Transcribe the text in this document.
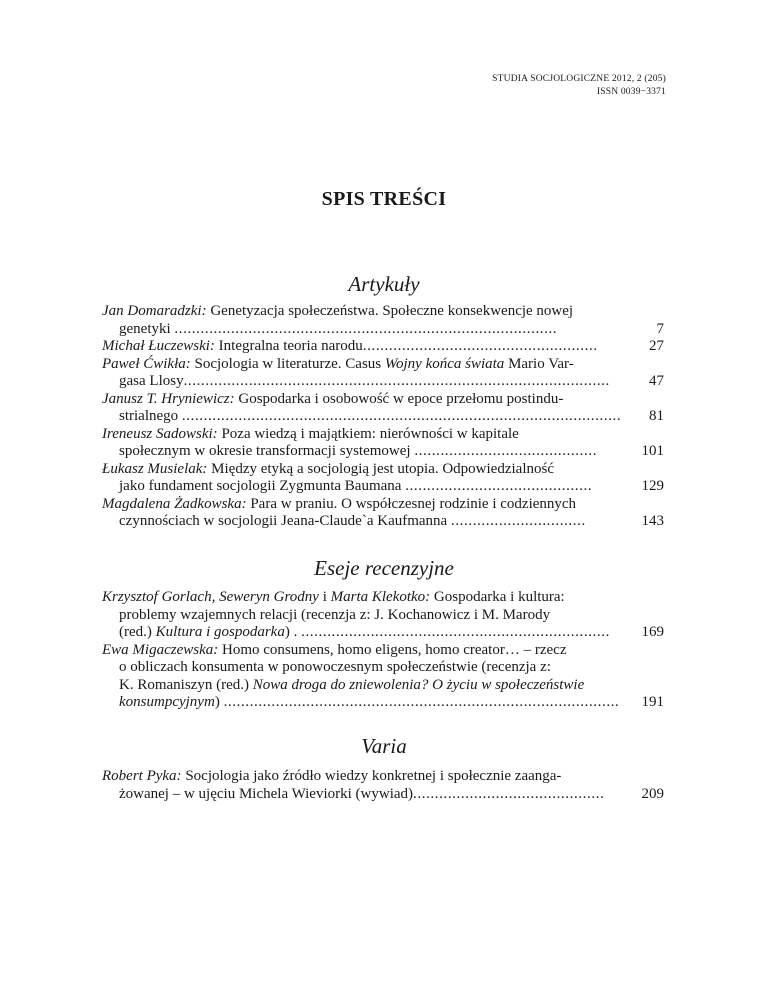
STUDIA SOCJOLOGICZNE 2012, 2 (205)
ISSN 0039−3371
SPIS TREŚCI
Artykuły
Jan Domaradzki: Genetyzacja społeczeństwa. Społeczne konsekwencje nowej
genetyki ........................................................................................	7
Michał Łuczewski: Integralna teoria narodu......................................................	27
Paweł Ćwikła: Socjologia w literaturze. Casus Wojny końca świata Mario Var-
gasa Llosy..................................................................................................	47
Janusz T. Hryniewicz: Gospodarka i osobowość w epoce przełomu postindu-
strialnego .....................................................................................................	81
Ireneusz Sadowski: Poza wiedzą i majątkiem: nierówności w kapitale
społecznym w okresie transformacji systemowej ..........................................	101
Łukasz Musielak: Między etyką a socjologią jest utopia. Odpowiedzialność
jako fundament socjologii Zygmunta Baumana ...........................................	129
Magdalena Żadkowska: Para w praniu. O współczesnej rodzinie i codziennych
czynnościach w socjologii Jeana-Claude`a Kaufmanna ...............................	143
Eseje recenzyjne
Krzysztof Gorlach, Seweryn Grodny i Marta Klekotko: Gospodarka i kultura:
problemy wzajemnych relacji (recenzja z: J. Kochanowicz i M. Marody
(red.) Kultura i gospodarka) . .......................................................................	169
Ewa Migaczewska: Homo consumens, homo eligens, homo creator… – rzecz
o obliczach konsumenta w ponowoczesnym społeczeństwie (recenzja z:
K. Romaniszyn (red.) Nowa droga do zniewolenia? O życiu w społeczeństwie
konsumpcyjnym) ...........................................................................................	191
Varia
Robert Pyka: Socjologia jako źródło wiedzy konkretnej i społecznie zaanga-
żowanej – w ujęciu Michela Wieviorki (wywiad)............................................	209
